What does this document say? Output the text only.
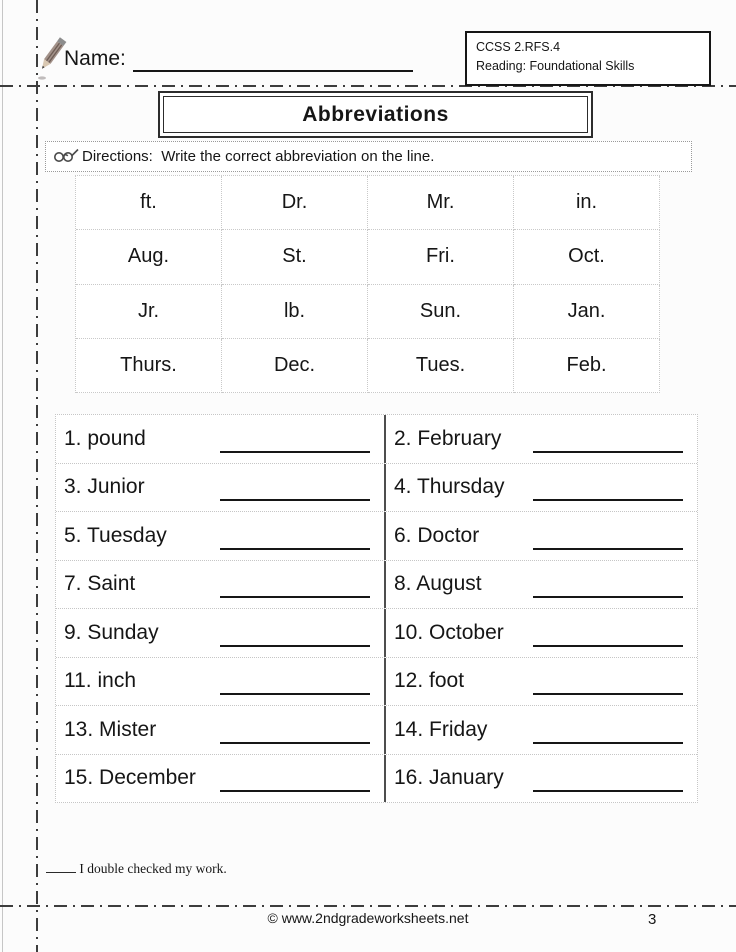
Name:	CCSS 2.RFS.4
Reading: Foundational Skills
Abbreviations
Directions:  Write the correct abbreviation on the line.
ft.	Dr.	Mr.	in.
Aug.	St.	Fri.	Oct.
Jr.	lb.	Sun.	Jan.
Thurs.	Dec.	Tues.	Feb.
1. pound	2. February
3. Junior	4. Thursday
5. Tuesday	6. Doctor
7. Saint	8. August
9. Sunday	10. October
11. inch	12. foot
13. Mister	14. Friday
15. December	16. January
I double checked my work.
© www.2ndgradeworksheets.net	3
